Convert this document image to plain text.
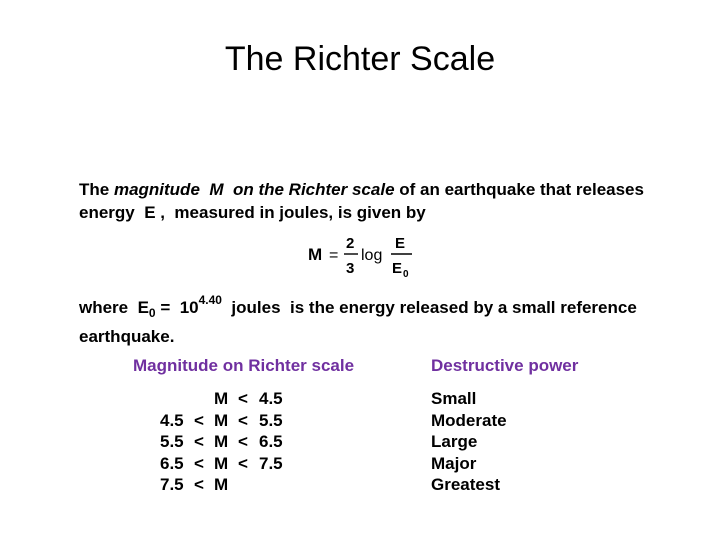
The Richter Scale
The magnitude  M  on the Richter scale of an earthquake that releases
energy  E ,  measured in joules, is given by
M =
2
3
log
E
E 0
where  $E_0 = 10^{4.40}$  joules  is the energy released by a small reference
earthquake.
Magnitude on Richter scale	Destructive power
M < 4.5
4.5 < M < 5.5
5.5 < M < 6.5
6.5 < M < 7.5
7.5 < M
Small
Moderate
Large
Major
Greatest
